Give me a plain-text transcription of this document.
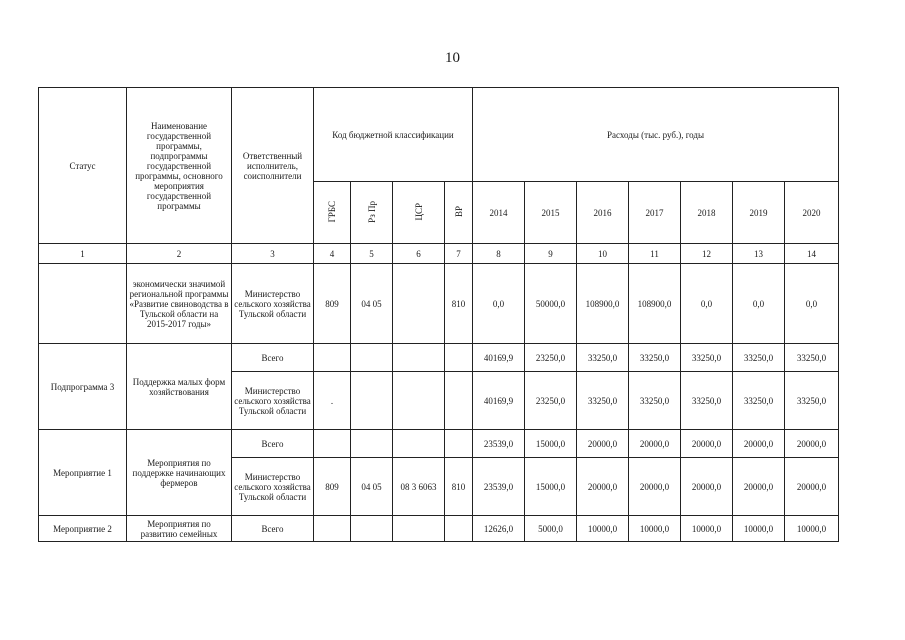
10
Статус	Наименование государственной программы, подпрограммы государственной программы, основного мероприятия государственной программы	Ответственный исполнитель, соисполнители	Код бюджетной классификации				Расходы (тыс. руб.), годы						
			ГРБС	Рз Пр	ЦСР	ВР	2014	2015	2016	2017	2018	2019	2020
1	2	3	4	5	6	7	8	9	10	11	12	13	14
	экономически значимой региональной программы «Развитие свиноводства в Тульской области на 2015-2017 годы»	Министерство сельского хозяйства Тульской области	809	04 05		810	0,0	50000,0	108900,0	108900,0	0,0	0,0	0,0
Подпрограмма 3	Поддержка малых форм хозяйствования	Всего					40169,9	23250,0	33250,0	33250,0	33250,0	33250,0	33250,0
		Министерство сельского хозяйства Тульской области	.				40169,9	23250,0	33250,0	33250,0	33250,0	33250,0	33250,0
Мероприятие 1	Мероприятия по поддержке начинающих фермеров	Всего					23539,0	15000,0	20000,0	20000,0	20000,0	20000,0	20000,0
		Министерство сельского хозяйства Тульской области	809	04 05	08 3 6063	810	23539,0	15000,0	20000,0	20000,0	20000,0	20000,0	20000,0
Мероприятие 2	Мероприятия по развитию семейных	Всего					12626,0	5000,0	10000,0	10000,0	10000,0	10000,0	10000,0
